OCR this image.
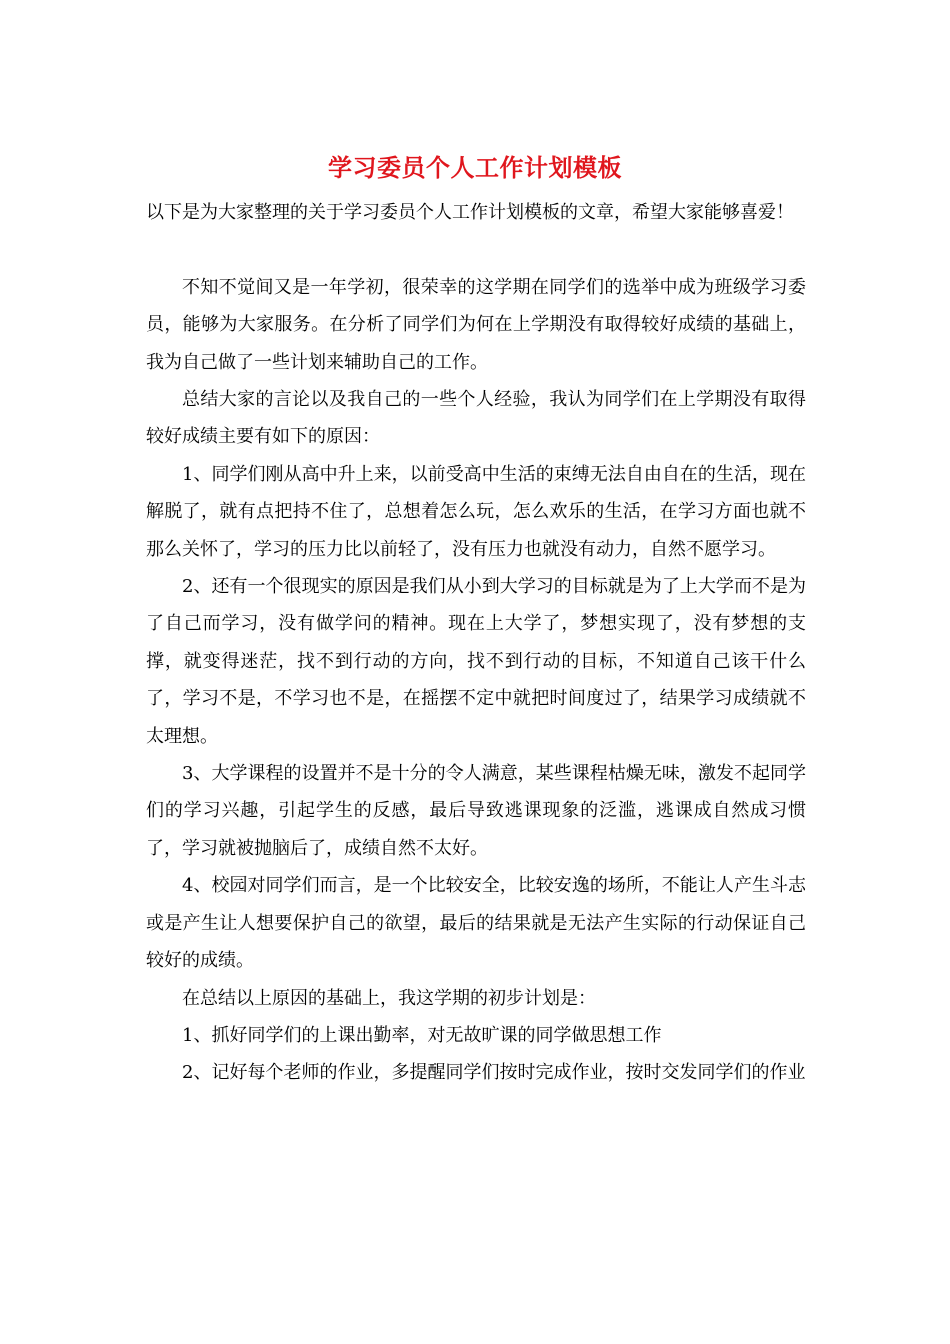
学习委员个人工作计划模板

以下是为大家整理的关于学习委员个人工作计划模板的文章，希望大家能够喜爱！

不知不觉间又是一年学初，很荣幸的这学期在同学们的选举中成为班级学习委员，能够为大家服务。在分析了同学们为何在上学期没有取得较好成绩的基础上，我为自己做了一些计划来辅助自己的工作。

总结大家的言论以及我自己的一些个人经验，我认为同学们在上学期没有取得较好成绩主要有如下的原因：

1、同学们刚从高中升上来，以前受高中生活的束缚无法自由自在的生活，现在解脱了，就有点把持不住了，总想着怎么玩，怎么欢乐的生活，在学习方面也就不那么关怀了，学习的压力比以前轻了，没有压力也就没有动力，自然不愿学习。

2、还有一个很现实的原因是我们从小到大学习的目标就是为了上大学而不是为了自己而学习，没有做学问的精神。现在上大学了，梦想实现了，没有梦想的支撑，就变得迷茫，找不到行动的方向，找不到行动的目标，不知道自己该干什么了，学习不是，不学习也不是，在摇摆不定中就把时间度过了，结果学习成绩就不太理想。

3、大学课程的设置并不是十分的令人满意，某些课程枯燥无味，激发不起同学们的学习兴趣，引起学生的反感，最后导致逃课现象的泛滥，逃课成自然成习惯了，学习就被抛脑后了，成绩自然不太好。

4、校园对同学们而言，是一个比较安全，比较安逸的场所，不能让人产生斗志或是产生让人想要保护自己的欲望，最后的结果就是无法产生实际的行动保证自己较好的成绩。

在总结以上原因的基础上，我这学期的初步计划是：

1、抓好同学们的上课出勤率，对无故旷课的同学做思想工作

2、记好每个老师的作业，多提醒同学们按时完成作业，按时交发同学们的作业
